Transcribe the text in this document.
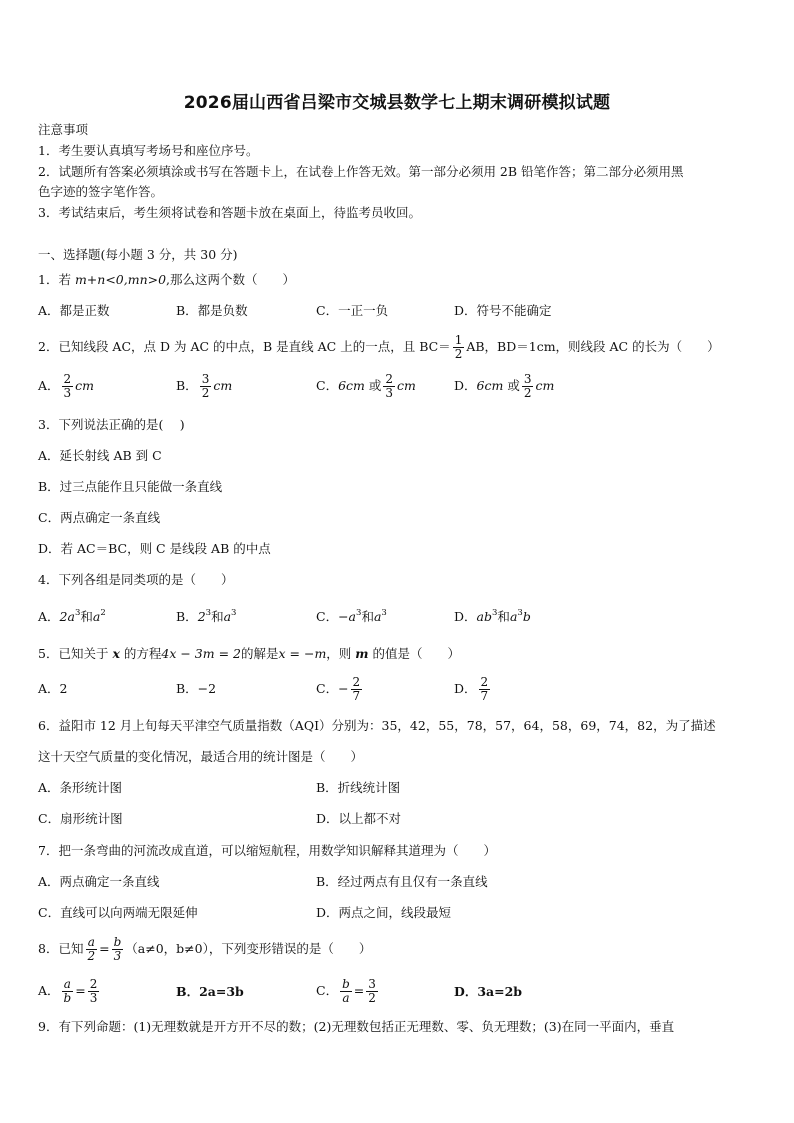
2026届山西省吕梁市交城县数学七上期末调研模拟试题
注意事项
1．考生要认真填写考场号和座位序号。
2．试题所有答案必须填涂或书写在答题卡上，在试卷上作答无效。第一部分必须用 2B 铅笔作答；第二部分必须用黑
色字迹的签字笔作答。
3．考试结束后，考生须将试卷和答题卡放在桌面上，待监考员收回。
一、选择题(每小题 3 分，共 30 分)
1．若 m+n<0,mn>0,那么这两个数（　　）
A．都是正数	B．都是负数	C．一正一负	D．符号不能确定
2．已知线段 AC，点 D 为 AC 的中点，B 是直线 AC 上的一点，且 $BC= \frac{1}{2}$ AB，BD＝1cm，则线段 AC 的长为（　　）
A． $\frac{2}{3}$ cm	B． $\frac{3}{2}$ cm	C．6cm 或 $\frac{2}{3}$ cm	D．6cm 或 $\frac{3}{2}$ cm
3．下列说法正确的是(　 )
A．延长射线 AB 到 C
B．过三点能作且只能做一条直线
C．两点确定一条直线
D．若 AC＝BC，则 C 是线段 AB 的中点
4．下列各组是同类项的是（　　）
A．$2a^3$和$a^2$	B．$2^3$和$a^3$	C．$-a^3$和$a^3$	D．$ab^3$和$a^3b$
5．已知关于 x 的方程4x − 3m = 2的解是x = −m，则 m 的值是（　　）
A．2	B．−2	C．− $\frac{2}{7}$	D． $\frac{2}{7}$
6．益阳市 12 月上旬每天平津空气质量指数（AQI）分别为：35，42，55，78，57，64，58，69，74，82，为了描述
这十天空气质量的变化情况，最适合用的统计图是（　　）
A．条形统计图	B．折线统计图
C．扇形统计图	D．以上都不对
7．把一条弯曲的河流改成直道，可以缩短航程，用数学知识解释其道理为（　　）
A．两点确定一条直线	B．经过两点有且仅有一条直线
C．直线可以向两端无限延伸	D．两点之间，线段最短
8．已知 $\frac{a}{2} = \frac{b}{3} (a\ne 0$，b≠0），下列变形错误的是（　　）
A． $\frac{a}{b} = \frac{2}{3}$	B．2a=3b	C． $\frac{b}{a} = \frac{3}{2}$	D．3a=2b
9．有下列命题：(1)无理数就是开方开不尽的数；(2)无理数包括正无理数、零、负无理数；(3)在同一平面内，垂直
